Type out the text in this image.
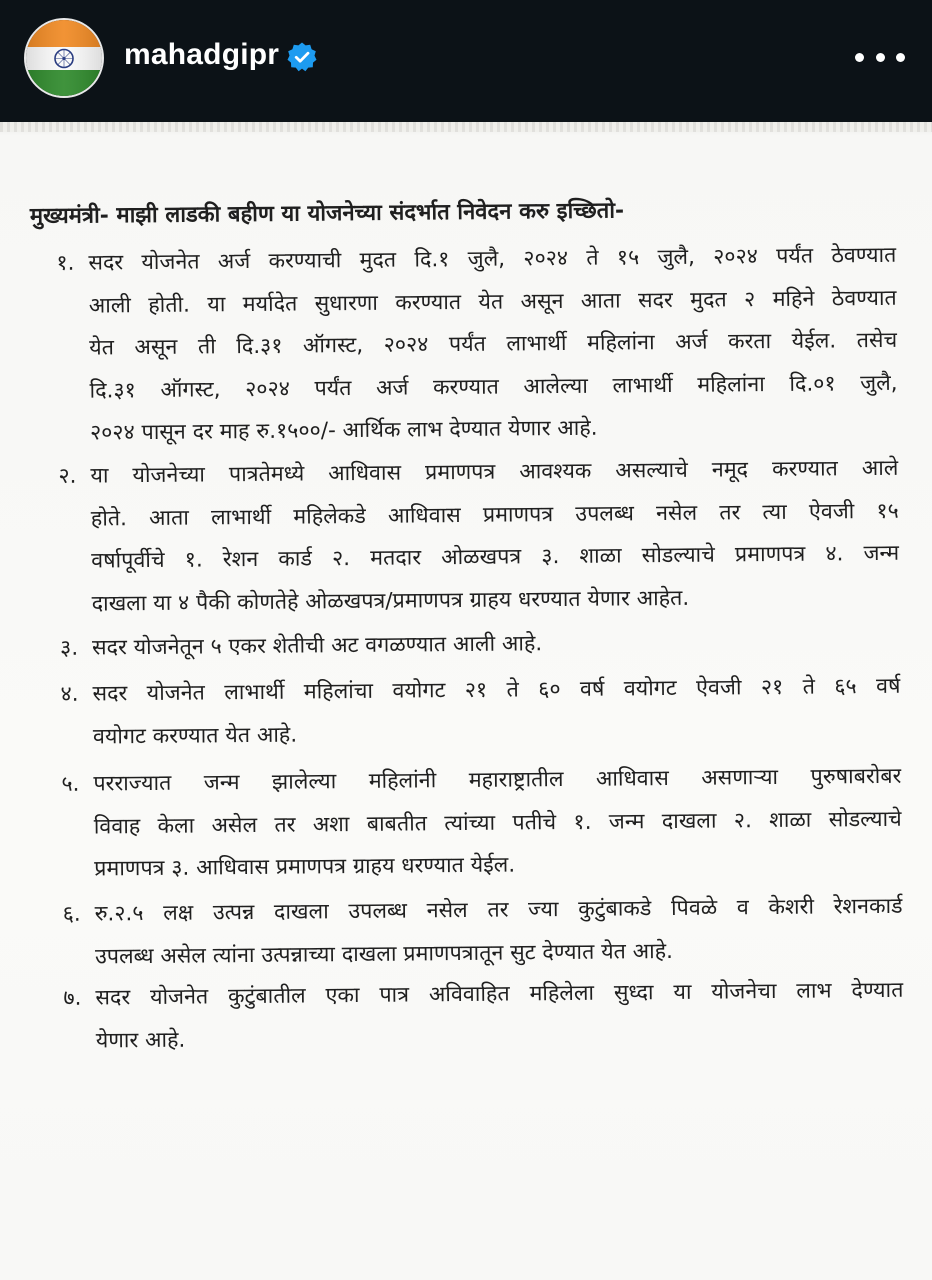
mahadgipr
मुख्यमंत्री- माझी लाडकी बहीण या योजनेच्या संदर्भात निवेदन करु इच्छितो-
१. सदर योजनेत अर्ज करण्याची मुदत दि.१ जुलै, २०२४ ते १५ जुलै, २०२४ पर्यंत ठेवण्यात
आली होती. या मर्यादेत सुधारणा करण्यात येत असून आता सदर मुदत २ महिने ठेवण्यात
येत असून ती दि.३१ ऑगस्ट, २०२४ पर्यंत लाभार्थी महिलांना अर्ज करता येईल. तसेच
दि.३१ ऑगस्ट, २०२४ पर्यंत अर्ज करण्यात आलेल्या लाभार्थी महिलांना दि.०१ जुलै,
२०२४ पासून दर माह रु.१५००/- आर्थिक लाभ देण्यात येणार आहे.
२. या योजनेच्या पात्रतेमध्ये आधिवास प्रमाणपत्र आवश्यक असल्याचे नमूद करण्यात आले
होते. आता लाभार्थी महिलेकडे आधिवास प्रमाणपत्र उपलब्ध नसेल तर त्या ऐवजी १५
वर्षापूर्वीचे १. रेशन कार्ड २. मतदार ओळखपत्र ३. शाळा सोडल्याचे प्रमाणपत्र ४. जन्म
दाखला या ४ पैकी कोणतेहे ओळखपत्र/प्रमाणपत्र ग्राहय धरण्यात येणार आहेत.
३. सदर योजनेतून ५ एकर शेतीची अट वगळण्यात आली आहे.
४. सदर योजनेत लाभार्थी महिलांचा वयोगट २१ ते ६० वर्ष वयोगट ऐवजी २१ ते ६५ वर्ष
वयोगट करण्यात येत आहे.
५. परराज्यात जन्म झालेल्या महिलांनी महाराष्ट्रातील आधिवास असणाऱ्या पुरुषाबरोबर
विवाह केला असेल तर अशा बाबतीत त्यांच्या पतीचे १. जन्म दाखला २. शाळा सोडल्याचे
प्रमाणपत्र ३. आधिवास प्रमाणपत्र ग्राहय धरण्यात येईल.
६. रु.२.५ लक्ष उत्पन्न दाखला उपलब्ध नसेल तर ज्या कुटुंबाकडे पिवळे व केशरी रेशनकार्ड
उपलब्ध असेल त्यांना उत्पन्नाच्या दाखला प्रमाणपत्रातून सुट देण्यात येत आहे.
७. सदर योजनेत कुटुंबातील एका पात्र अविवाहित महिलेला सुध्दा या योजनेचा लाभ देण्यात
येणार आहे.
